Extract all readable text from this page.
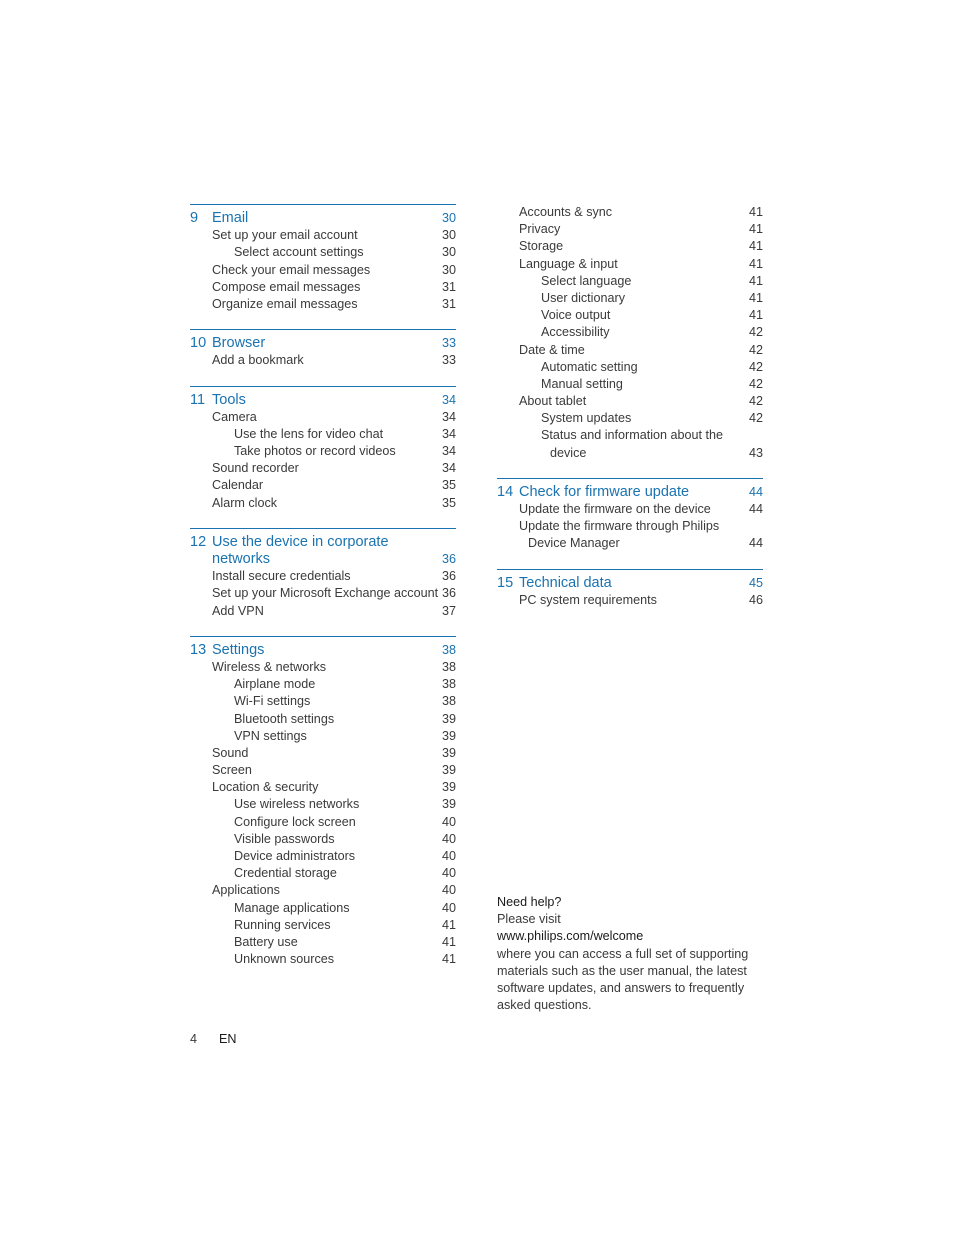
9 Email	30
Set up your email account	30
Select account settings	30
Check your email messages	30
Compose email messages	31
Organize email messages	31
10 Browser	33
Add a bookmark	33
11 Tools	34
Camera	34
Use the lens for video chat	34
Take photos or record videos	34
Sound recorder	34
Calendar	35
Alarm clock	35
12 Use the device in corporate networks	36
Install secure credentials	36
Set up your Microsoft Exchange account 36
Add VPN	37
13 Settings	38
Wireless & networks	38
Airplane mode	38
Wi-Fi settings	38
Bluetooth settings	39
VPN settings	39
Sound	39
Screen	39
Location & security	39
Use wireless networks	39
Configure lock screen	40
Visible passwords	40
Device administrators	40
Credential storage	40
Applications	40
Manage applications	40
Running services	41
Battery use	41
Unknown sources	41
Accounts & sync	41
Privacy	41
Storage	41
Language & input	41
Select language	41
User dictionary	41
Voice output	41
Accessibility	42
Date & time	42
Automatic setting	42
Manual setting	42
About tablet	42
System updates	42
Status and information about the
device	43
14 Check for firmware update	44
Update the firmware on the device	44
Update the firmware through Philips
Device Manager	44
15 Technical data	45
PC system requirements	46
Need help?
Please visit
www.philips.com/welcome
where you can access a full set of supporting materials such as the user manual, the latest software updates, and answers to frequently asked questions.
4 EN
